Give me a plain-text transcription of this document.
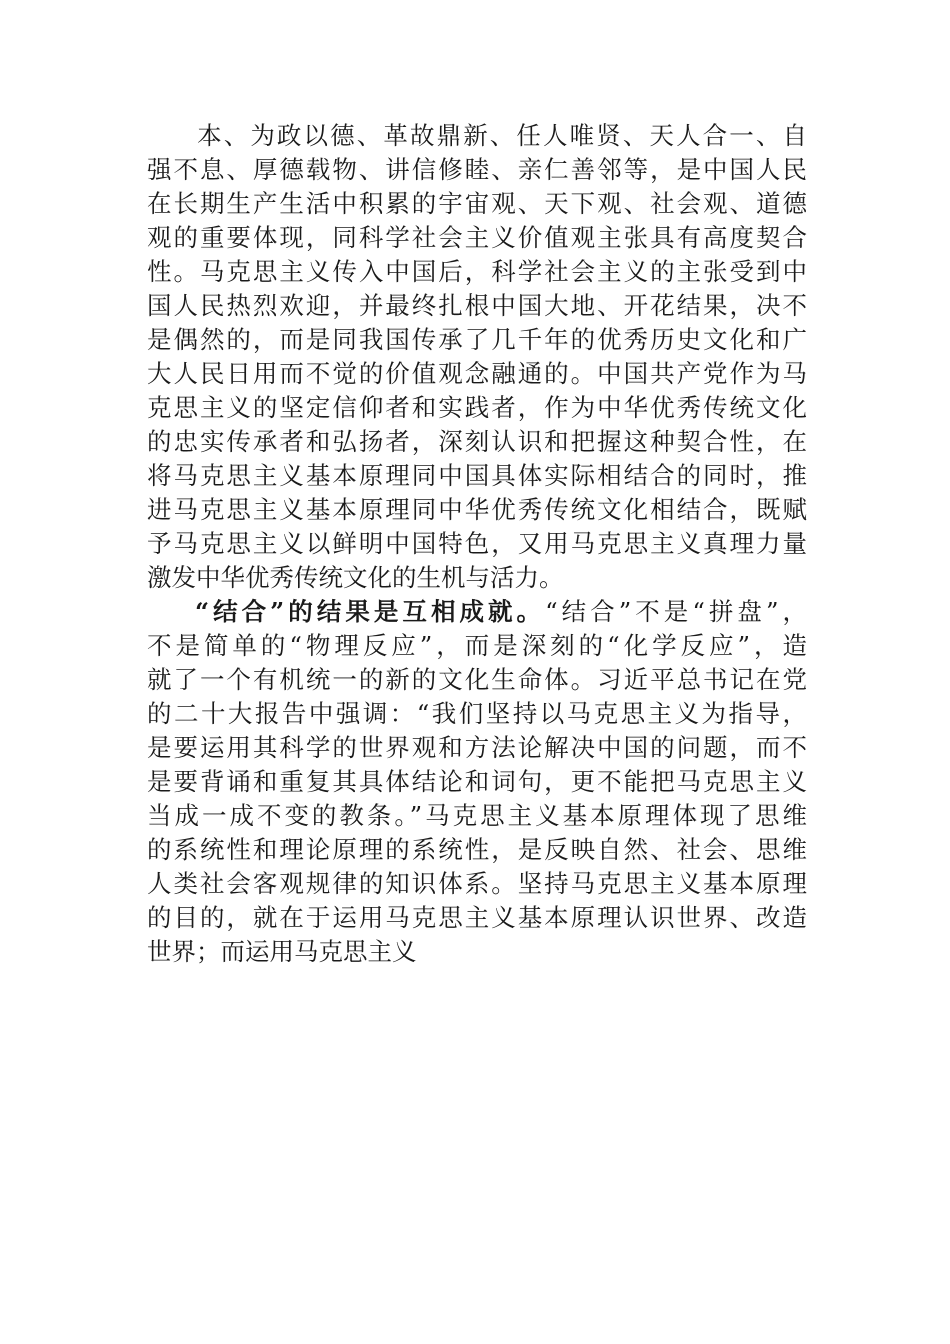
本、为政以德、革故鼎新、任人唯贤、天人合一、自
强不息、厚德载物、讲信修睦、亲仁善邻等，是中国人民
在长期生产生活中积累的宇宙观、天下观、社会观、道德
观的重要体现，同科学社会主义价值观主张具有高度契合
性。马克思主义传入中国后，科学社会主义的主张受到中
国人民热烈欢迎，并最终扎根中国大地、开花结果，决不
是偶然的，而是同我国传承了几千年的优秀历史文化和广
大人民日用而不觉的价值观念融通的。中国共产党作为马
克思主义的坚定信仰者和实践者，作为中华优秀传统文化
的忠实传承者和弘扬者，深刻认识和把握这种契合性，在
将马克思主义基本原理同中国具体实际相结合的同时，推
进马克思主义基本原理同中华优秀传统文化相结合，既赋
予马克思主义以鲜明中国特色，又用马克思主义真理力量
激发中华优秀传统文化的生机与活力。
“结合”的结果是互相成就。“结合”不是“拼盘”，
不是简单的“物理反应”，而是深刻的“化学反应”，造
就了一个有机统一的新的文化生命体。习近平总书记在党
的二十大报告中强调：“我们坚持以马克思主义为指导，
是要运用其科学的世界观和方法论解决中国的问题，而不
是要背诵和重复其具体结论和词句，更不能把马克思主义
当成一成不变的教条。”马克思主义基本原理体现了思维
的系统性和理论原理的系统性，是反映自然、社会、思维
人类社会客观规律的知识体系。坚持马克思主义基本原理
的目的，就在于运用马克思主义基本原理认识世界、改造
世界；而运用马克思主义
